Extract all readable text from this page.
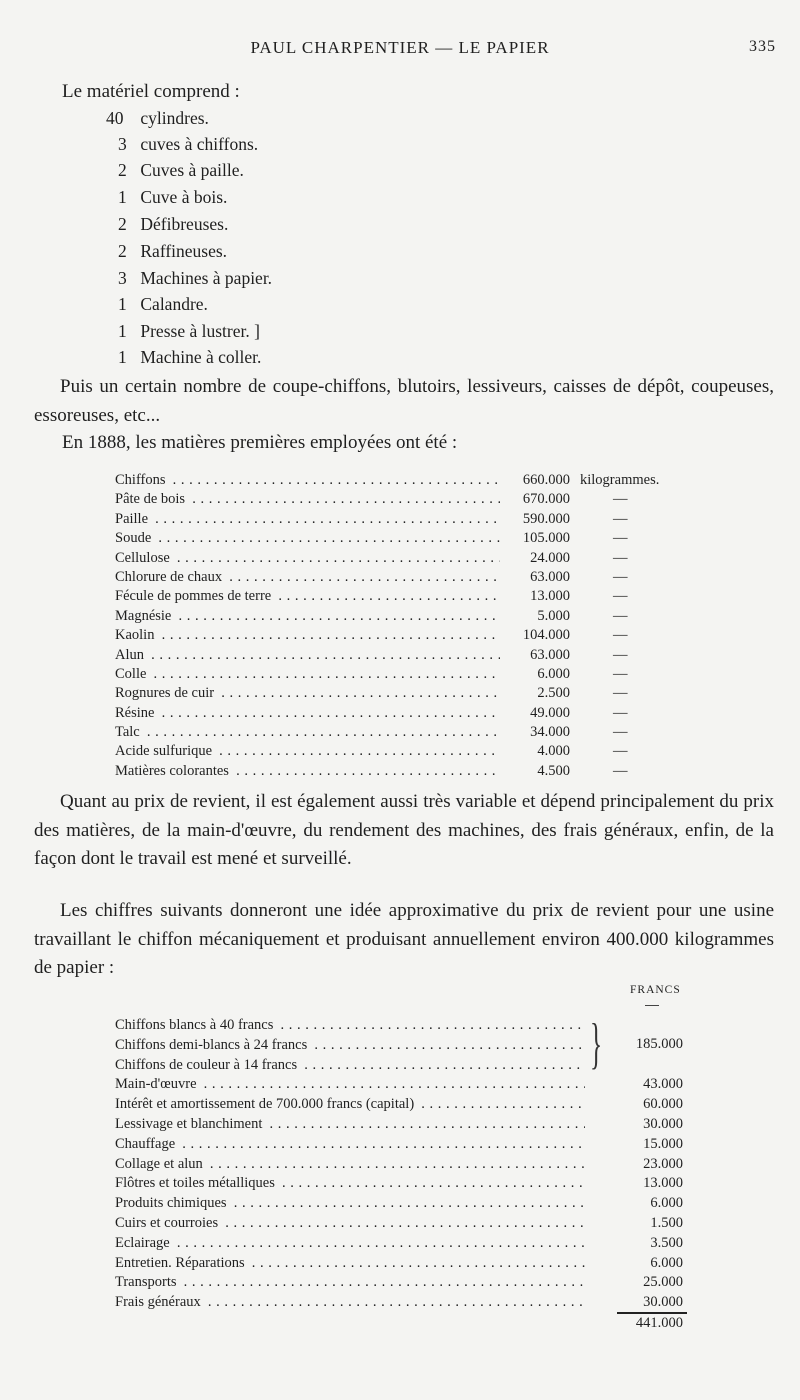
PAUL CHARPENTIER — LE PAPIER	335
Le matériel comprend :
40 cylindres.
3 cuves à chiffons.
2 Cuves à paille.
1 Cuve à bois.
2 Défibreuses.
2 Raffineuses.
3 Machines à papier.
1 Calandre.
1 Presse à lustrer. ]
1 Machine à coller.
Puis un certain nombre de coupe-chiffons, blutoirs, lessiveurs, caisses de dépôt, coupeuses, essoreuses, etc...
En 1888, les matières premières employées ont été :
Chiffons . . .	660.000 kilogrammes.
Pâte de bois . . .	670.000	—
Paille . . .	590.000	—
Soude . . .	105.000	—
Cellulose . . .	24.000	—
Chlorure de chaux . . .	63.000	—
Fécule de pommes de terre . . .	13.000	—
Magnésie . . .	5.000	—
Kaolin . . .	104.000	—
Alun . . .	63.000	—
Colle . . .	6.000	—
Rognures de cuir . . .	2.500	—
Résine . . .	49.000	—
Talc . . .	34.000	—
Acide sulfurique . . .	4.000	—
Matières colorantes . . .	4.500	—
Quant au prix de revient, il est également aussi très variable et dépend principalement du prix des matières, de la main-d'œuvre, du rendement des machines, des frais généraux, enfin, de la façon dont le travail est mené et surveillé.
Les chiffres suivants donneront une idée approximative du prix de revient pour une usine travaillant le chiffon mécaniquement et produisant annuellement environ 400.000 kilogrammes de papier :
FRANCS
Chiffons blancs à 40 francs . . .
Chiffons demi-blancs à 24 francs . . .
Chiffons de couleur à 14 francs . . .	}	185.000
Main-d'œuvre . . .	43.000
Intérêt et amortissement de 700.000 francs (capital) . . .	60.000
Lessivage et blanchiment . . .	30.000
Chauffage . . .	15.000
Collage et alun . . .	23.000
Flôtres et toiles métalliques . . .	13.000
Produits chimiques . . .	6.000
Cuirs et courroies . . .	1.500
Eclairage . . .	3.500
Entretien. Réparations . . .	6.000
Transports . . .	25.000
Frais généraux . . .	30.000
441.000
